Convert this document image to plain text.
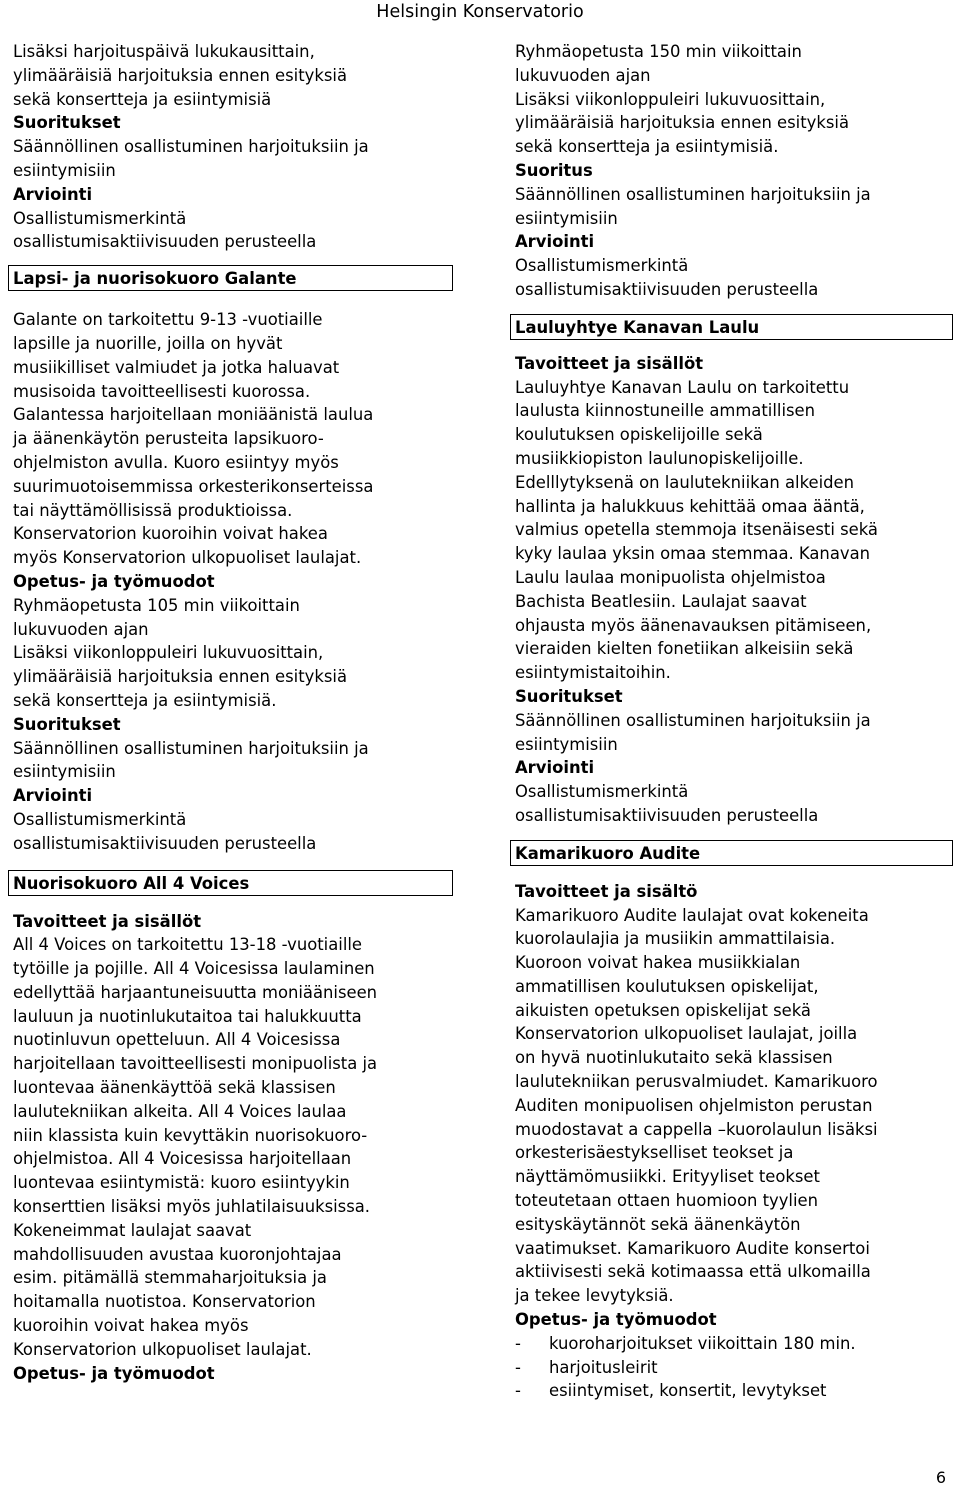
Helsingin Konservatorio
Lisäksi harjoituspäivä lukukausittain,
ylimääräisiä harjoituksia ennen esityksiä
sekä konsertteja ja esiintymisiä
Suoritukset
Säännöllinen osallistuminen harjoituksiin ja
esiintymisiin
Arviointi
Osallistumismerkintä
osallistumisaktiivisuuden perusteella
Lapsi- ja nuorisokuoro Galante
Galante on tarkoitettu 9-13 -vuotiaille
lapsille ja nuorille, joilla on hyvät
musiikilliset valmiudet ja jotka haluavat
musisoida tavoitteellisesti kuorossa.
Galantessa harjoitellaan moniäänistä laulua
ja äänenkäytön perusteita lapsikuoro-
ohjelmiston avulla. Kuoro esiintyy myös
suurimuotoisemmissa orkesterikonserteissa
tai näyttämöllisissä produktioissa.
Konservatorion kuoroihin voivat hakea
myös Konservatorion ulkopuoliset laulajat.
Opetus- ja työmuodot
Ryhmäopetusta 105 min viikoittain
lukuvuoden ajan
Lisäksi viikonloppuleiri lukuvuosittain,
ylimääräisiä harjoituksia ennen esityksiä
sekä konsertteja ja esiintymisiä.
Suoritukset
Säännöllinen osallistuminen harjoituksiin ja
esiintymisiin
Arviointi
Osallistumismerkintä
osallistumisaktiivisuuden perusteella
Nuorisokuoro All 4 Voices
Tavoitteet ja sisällöt
All 4 Voices on tarkoitettu 13-18 -vuotiaille
tytöille ja pojille. All 4 Voicesissa laulaminen
edellyttää harjaantuneisuutta moniääniseen
lauluun ja nuotinlukutaitoa tai halukkuutta
nuotinluvun opetteluun. All 4 Voicesissa
harjoitellaan tavoitteellisesti monipuolista ja
luontevaa äänenkäyttöä sekä klassisen
laulutekniikan alkeita. All 4 Voices laulaa
niin klassista kuin kevyttäkin nuorisokuoro-
ohjelmistoa. All 4 Voicesissa harjoitellaan
luontevaa esiintymistä: kuoro esiintyykin
konserttien lisäksi myös juhlatilaisuuksissa.
Kokeneimmat laulajat saavat
mahdollisuuden avustaa kuoronjohtajaa
esim. pitämällä stemmaharjoituksia ja
hoitamalla nuotistoa. Konservatorion
kuoroihin voivat hakea myös
Konservatorion ulkopuoliset laulajat.
Opetus- ja työmuodot
Ryhmäopetusta 150 min viikoittain
lukuvuoden ajan
Lisäksi viikonloppuleiri lukuvuosittain,
ylimääräisiä harjoituksia ennen esityksiä
sekä konsertteja ja esiintymisiä.
Suoritus
Säännöllinen osallistuminen harjoituksiin ja
esiintymisiin
Arviointi
Osallistumismerkintä
osallistumisaktiivisuuden perusteella
Lauluyhtye Kanavan Laulu
Tavoitteet ja sisällöt
Lauluyhtye Kanavan Laulu on tarkoitettu
laulusta kiinnostuneille ammatillisen
koulutuksen opiskelijoille sekä
musiikkiopiston laulunopiskelijoille.
Edelllytyksenä on laulutekniikan alkeiden
hallinta ja halukkuus kehittää omaa ääntä,
valmius opetella stemmoja itsenäisesti sekä
kyky laulaa yksin omaa stemmaa. Kanavan
Laulu laulaa monipuolista ohjelmistoa
Bachista Beatlesiin. Laulajat saavat
ohjausta myös äänenavauksen pitämiseen,
vieraiden kielten fonetiikan alkeisiin sekä
esiintymistaitoihin.
Suoritukset
Säännöllinen osallistuminen harjoituksiin ja
esiintymisiin
Arviointi
Osallistumismerkintä
osallistumisaktiivisuuden perusteella
Kamarikuoro Audite
Tavoitteet ja sisältö
Kamarikuoro Audite laulajat ovat kokeneita
kuorolaulajia ja musiikin ammattilaisia.
Kuoroon voivat hakea musiikkialan
ammatillisen koulutuksen opiskelijat,
aikuisten opetuksen opiskelijat sekä
Konservatorion ulkopuoliset laulajat, joilla
on hyvä nuotinlukutaito sekä klassisen
laulutekniikan perusvalmiudet. Kamarikuoro
Auditen monipuolisen ohjelmiston perustan
muodostavat a cappella –kuorolaulun lisäksi
orkesterisäestykselliset teokset ja
näyttämömusiikki. Erityyliset teokset
toteutetaan ottaen huomioon tyylien
esityskäytännöt sekä äänenkäytön
vaatimukset. Kamarikuoro Audite konsertoi
aktiivisesti sekä kotimaassa että ulkomailla
ja tekee levytyksiä.
Opetus- ja työmuodot
- kuoroharjoitukset viikoittain 180 min.
- harjoitusleirit
- esiintymiset, konsertit, levytykset
6
